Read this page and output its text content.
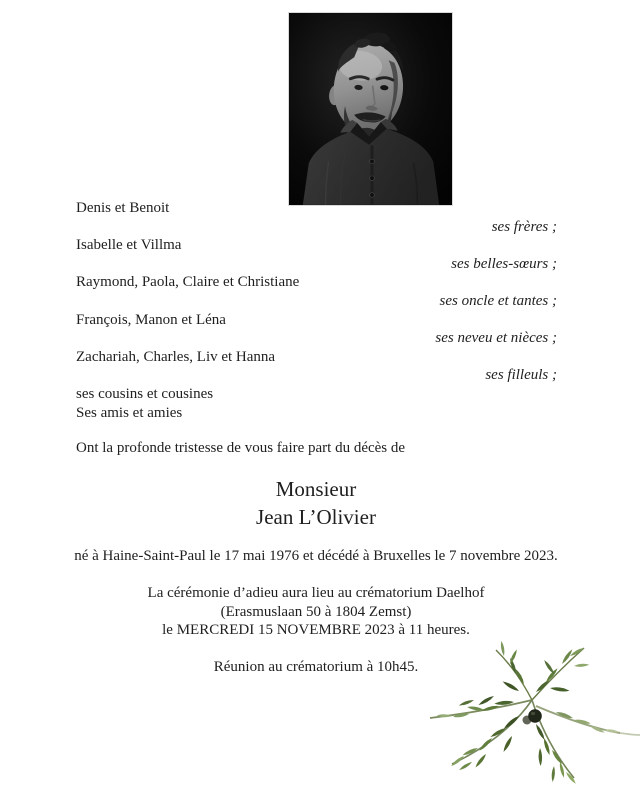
Denis et Benoit
ses frères ;
Isabelle et Villma
ses belles-sœurs ;
Raymond, Paola, Claire et Christiane
ses oncle et tantes ;
François, Manon et Léna
ses neveu et nièces ;
Zachariah, Charles, Liv et Hanna
ses filleuls ;
ses cousins et cousines
Ses amis et amies
Ont la profonde tristesse de vous faire part du décès de
Monsieur
Jean L’Olivier
né à Haine-Saint-Paul le 17 mai 1976 et décédé à Bruxelles le 7 novembre 2023.
La cérémonie d’adieu aura lieu au crématorium Daelhof
(Erasmuslaan 50 à 1804 Zemst)
le MERCREDI 15 NOVEMBRE 2023 à 11 heures.
Réunion au crématorium à 10h45.
